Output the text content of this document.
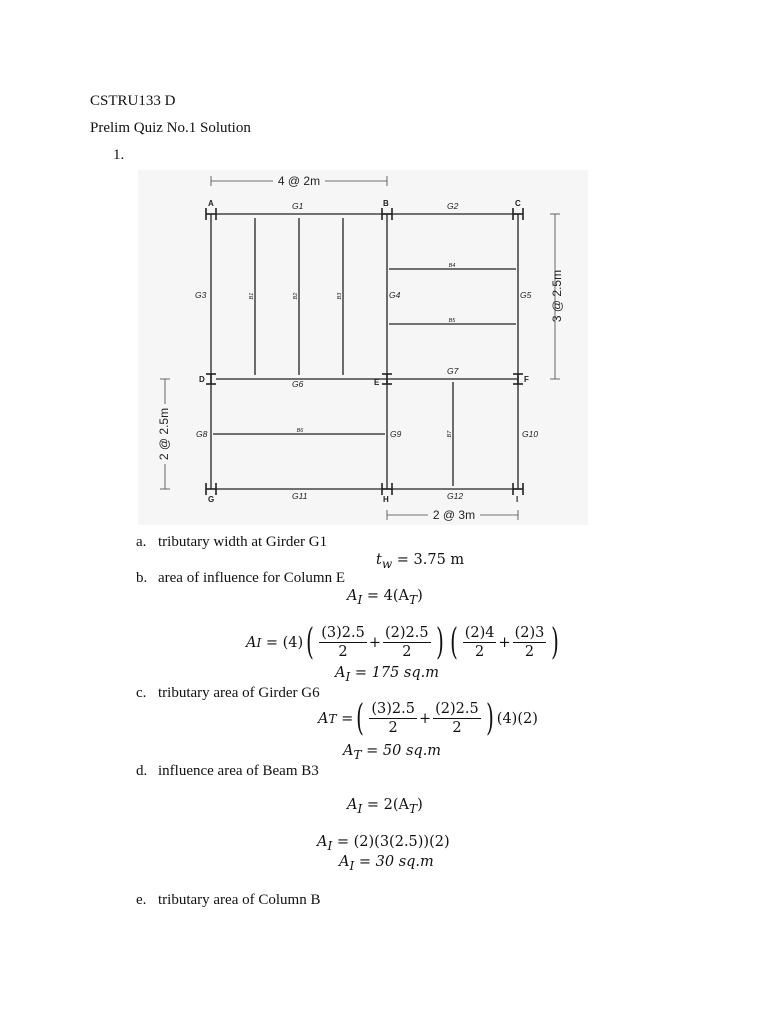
CSTRU133 D
Prelim Quiz No.1 Solution
1.
4 @ 2m
3 @ 2.5m
2 @ 2.5m
2 @ 3m
A	B	C
D	E	F
G	H	I
G1	G2
G3	G4	G5
G6
G7
G8	G9	G10
G11	G12
B1	B2	B3
B4
B5
B6	B7
a. tributary width at Girder G1
$t_w = 3.75$ m
b. area of influence for Column E
$A_I = 4(A_T)$
A I
= (4) ( $\frac{(3)2.5}{2} + \frac{(2)2.5}{2}$ ) ( $\frac{(2)4}{2} + \frac{(2)3}{2}$ )
$A_I = 175$ sq.m
c. tributary area of Girder G6
A T
= ( $\frac{(3)2.5}{2} + \frac{(2)2.5}{2}$ ) (4)(2)
$A_T = 50$ sq.m
d. influence area of Beam B3
$A_I = 2(A_T)$
$A_I = (2)(3(2.5))(2)$
$A_I = 30$ sq.m
e. tributary area of Column B
